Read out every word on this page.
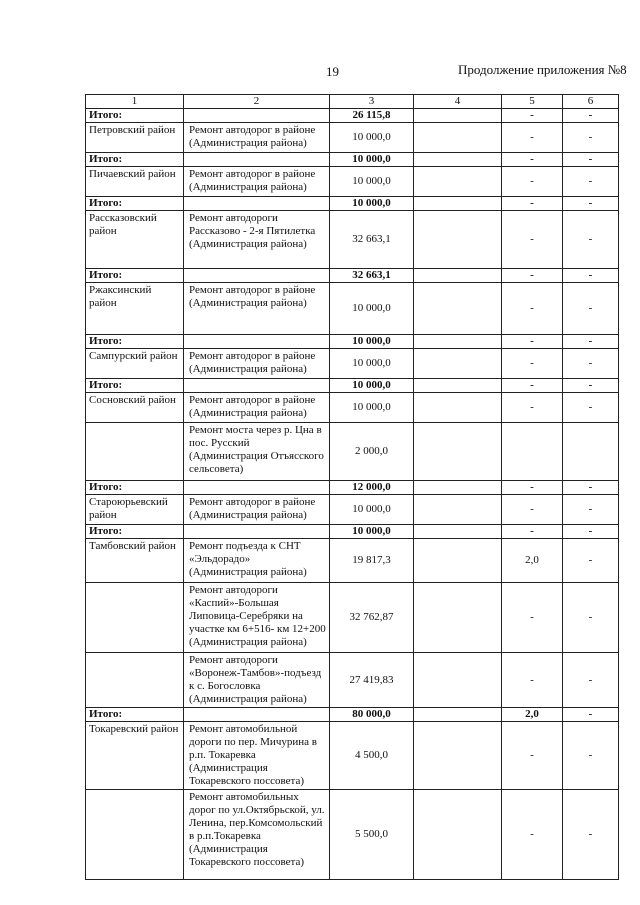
19	Продолжение приложения №8
1	2	3	4	5	6
Итого:		26 115,8		-	-
Петровский район	Ремонт автодорог в районе (Администрация района)	10 000,0		-	-
Итого:		10 000,0		-	-
Пичаевский район	Ремонт автодорог в районе (Администрация района)	10 000,0		-	-
Итого:		10 000,0		-	-
Рассказовский район	Ремонт автодороги Рассказово - 2-я Пятилетка (Администрация района)	32 663,1		-	-
Итого:		32 663,1		-	-
Ржаксинский район	Ремонт автодорог в районе (Администрация района)	10 000,0		-	-
Итого:		10 000,0		-	-
Сампурский район	Ремонт автодорог в районе (Администрация района)	10 000,0		-	-
Итого:		10 000,0		-	-
Сосновский район	Ремонт автодорог в районе (Администрация района)	10 000,0		-	-
	Ремонт моста через р. Цна в пос. Русский (Администрация Отъясского сельсовета)	2 000,0			
Итого:		12 000,0		-	-
Староюрьевский район	Ремонт автодорог в районе (Администрация района)	10 000,0		-	-
Итого:		10 000,0		-	-
Тамбовский район	Ремонт подъезда к СНТ «Эльдорадо» (Администрация района)	19 817,3		2,0	-
	Ремонт автодороги «Каспий»-Большая Липовица-Серебряки на участке км 6+516- км 12+200 (Администрация района)	32 762,87		-	-
	Ремонт автодороги «Воронеж-Тамбов»-подъезд к с. Богословка (Администрация района)	27 419,83		-	-
Итого:		80 000,0		2,0	-
Токаревский район	Ремонт автомобильной дороги по пер. Мичурина в р.п. Токаревка (Администрация Токаревского поссовета)	4 500,0		-	-
	Ремонт автомобильных дорог по ул.Октябрьской, ул. Ленина, пер.Комсомольский в р.п.Токаревка (Администрация Токаревского поссовета)	5 500,0		-	-
